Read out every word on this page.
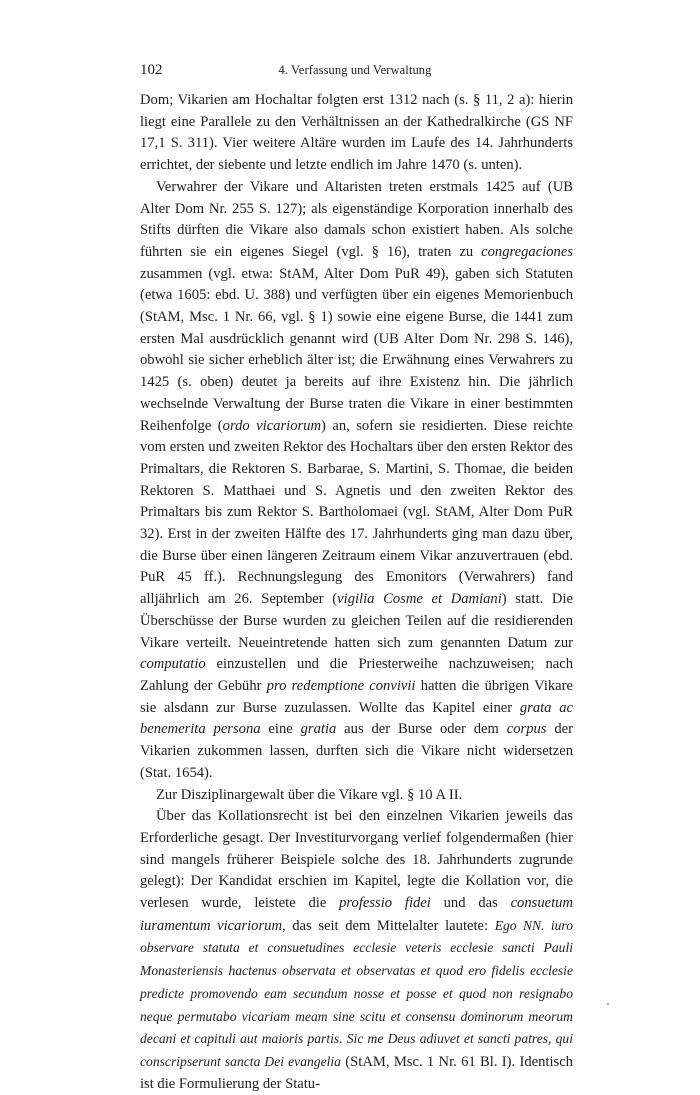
102	4. Verfassung und Verwaltung

Dom; Vikarien am Hochaltar folgten erst 1312 nach (s. § 11, 2 a): hierin liegt eine Parallele zu den Verhältnissen an der Kathedralkirche (GS NF 17,1 S. 311). Vier weitere Altäre wurden im Laufe des 14. Jahrhunderts errichtet, der siebente und letzte endlich im Jahre 1470 (s. unten).

Verwahrer der Vikare und Altaristen treten erstmals 1425 auf (UB Alter Dom Nr. 255 S. 127); als eigenständige Korporation innerhalb des Stifts dürften die Vikare also damals schon existiert haben. Als solche führten sie ein eigenes Siegel (vgl. § 16), traten zu congregaciones zusammen (vgl. etwa: StAM, Alter Dom PuR 49), gaben sich Statuten (etwa 1605: ebd. U. 388) und verfügten über ein eigenes Memorienbuch (StAM, Msc. 1 Nr. 66, vgl. § 1) sowie eine eigene Burse, die 1441 zum ersten Mal ausdrücklich genannt wird (UB Alter Dom Nr. 298 S. 146), obwohl sie sicher erheblich älter ist; die Erwähnung eines Verwahrers zu 1425 (s. oben) deutet ja bereits auf ihre Existenz hin. Die jährlich wechselnde Verwaltung der Burse traten die Vikare in einer bestimmten Reihenfolge (ordo vicariorum) an, sofern sie residierten. Diese reichte vom ersten und zweiten Rektor des Hochaltars über den ersten Rektor des Primaltars, die Rektoren S. Barbarae, S. Martini, S. Thomae, die beiden Rektoren S. Matthaei und S. Agnetis und den zweiten Rektor des Primaltars bis zum Rektor S. Bartholomaei (vgl. StAM, Alter Dom PuR 32). Erst in der zweiten Hälfte des 17. Jahrhunderts ging man dazu über, die Burse über einen längeren Zeitraum einem Vikar anzuvertrauen (ebd. PuR 45 ff.). Rechnungslegung des Emonitors (Verwahrers) fand alljährlich am 26. September (vigilia Cosme et Damiani) statt. Die Überschüsse der Burse wurden zu gleichen Teilen auf die residierenden Vikare verteilt. Neueintretende hatten sich zum genannten Datum zur computatio einzustellen und die Priesterweihe nachzuweisen; nach Zahlung der Gebühr pro redemptione convivii hatten die übrigen Vikare sie alsdann zur Burse zuzulassen. Wollte das Kapitel einer grata ac benemerita persona eine gratia aus der Burse oder dem corpus der Vikarien zukommen lassen, durften sich die Vikare nicht widersetzen (Stat. 1654).

Zur Disziplinargewalt über die Vikare vgl. § 10 A II.

Über das Kollationsrecht ist bei den einzelnen Vikarien jeweils das Erforderliche gesagt. Der Investiturvorgang verlief folgendermaßen (hier sind mangels früherer Beispiele solche des 18. Jahrhunderts zugrunde gelegt): Der Kandidat erschien im Kapitel, legte die Kollation vor, die verlesen wurde, leistete die professio fidei und das consuetum iuramentum vicariorum, das seit dem Mittelalter lautete: Ego NN. iuro observare statuta et consuetudines ecclesie veteris ecclesie sancti Pauli Monasteriensis hactenus observata et observatas et quod ero fidelis ecclesie predicte promovendo eam secundum nosse et posse et quod non resignabo neque permutabo vicariam meam sine scitu et consensu dominorum meorum decani et capituli aut maioris partis. Sic me Deus adiuvet et sancti patres, qui conscripserunt sancta Dei evangelia (StAM, Msc. 1 Nr. 61 Bl. I). Identisch ist die Formulierung der Statu-
